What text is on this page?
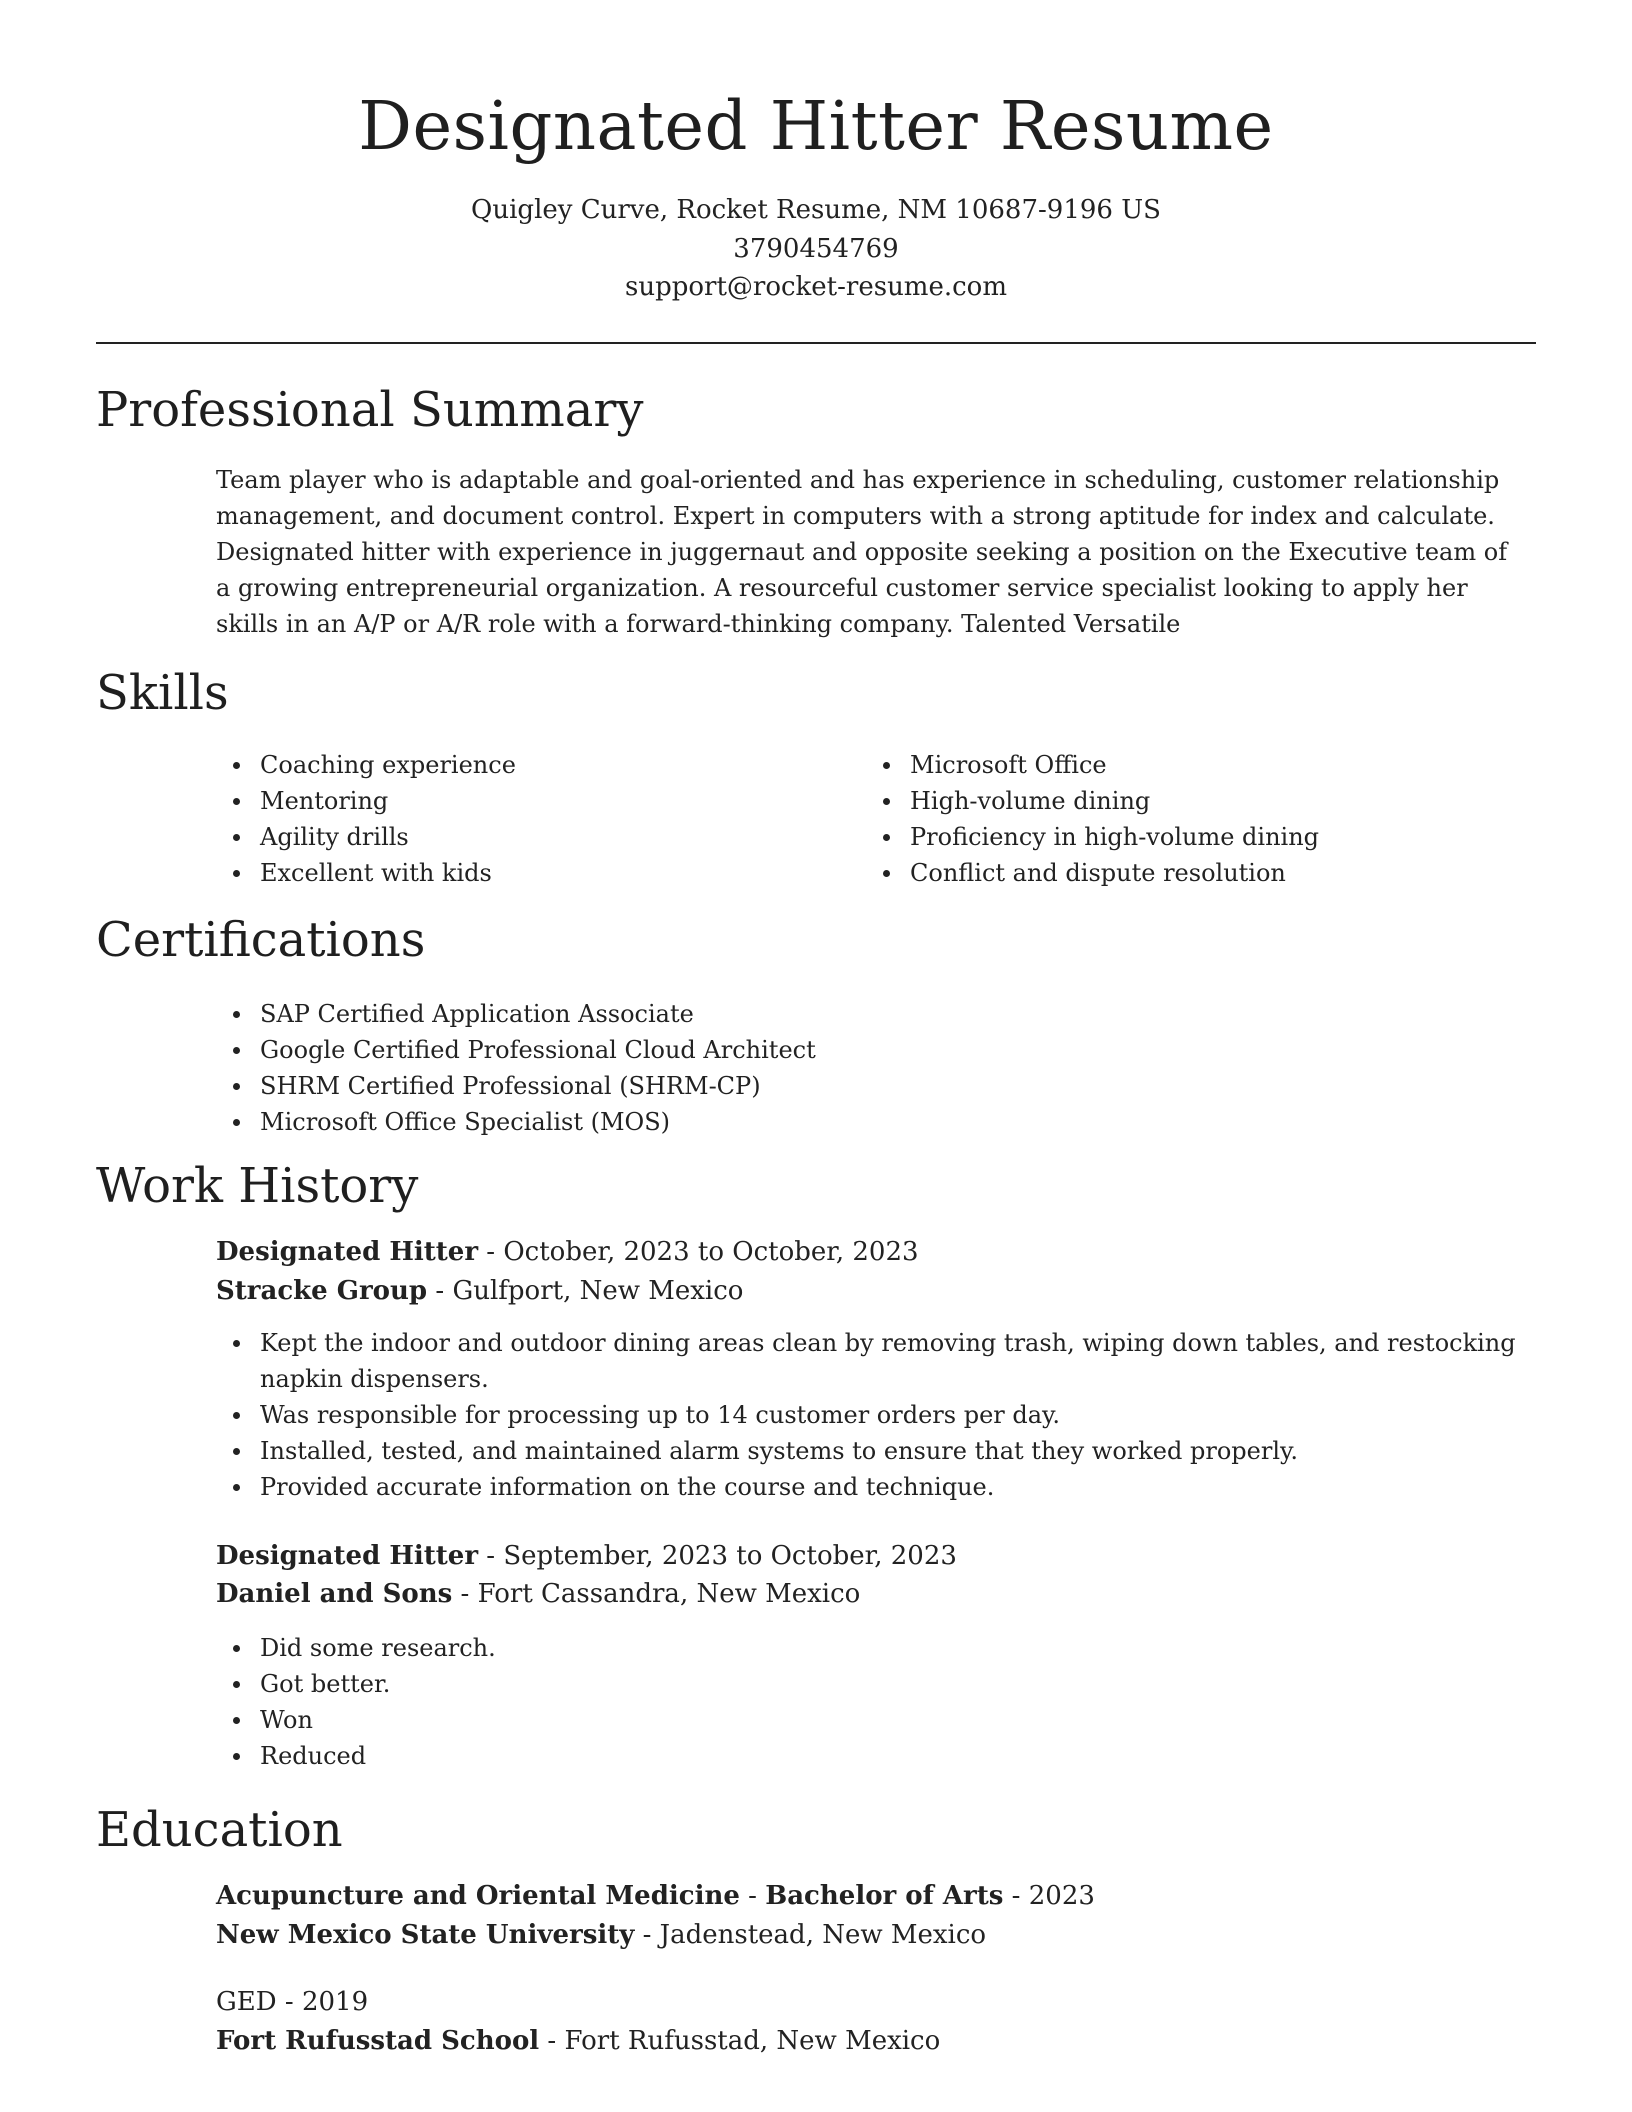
Designated Hitter Resume
Quigley Curve, Rocket Resume, NM 10687-9196 US
3790454769
support@rocket-resume.com
Professional Summary

Team player who is adaptable and goal-oriented and has experience in scheduling, customer relationship management, and document control. Expert in computers with a strong aptitude for index and calculate. Designated hitter with experience in juggernaut and opposite seeking a position on the Executive team of a growing entrepreneurial organization. A resourceful customer service specialist looking to apply her skills in an A/P or A/R role with a forward-thinking company. Talented Versatile

Skills
Coaching experience
Mentoring
Agility drills
Excellent with kids
Microsoft Office
High-volume dining
Proficiency in high-volume dining
Conflict and dispute resolution
Certifications
SAP Certified Application Associate
Google Certified Professional Cloud Architect
SHRM Certified Professional (SHRM-CP)
Microsoft Office Specialist (MOS)
Work History
Designated Hitter - October, 2023 to October, 2023
Stracke Group - Gulfport, New Mexico
Kept the indoor and outdoor dining areas clean by removing trash, wiping down tables, and restocking napkin dispensers.
Was responsible for processing up to 14 customer orders per day.
Installed, tested, and maintained alarm systems to ensure that they worked properly.
Provided accurate information on the course and technique.
Designated Hitter - September, 2023 to October, 2023
Daniel and Sons - Fort Cassandra, New Mexico
Did some research.
Got better.
Won
Reduced
Education
Acupuncture and Oriental Medicine - Bachelor of Arts - 2023
New Mexico State University - Jadenstead, New Mexico
GED - 2019
Fort Rufusstad School - Fort Rufusstad, New Mexico
